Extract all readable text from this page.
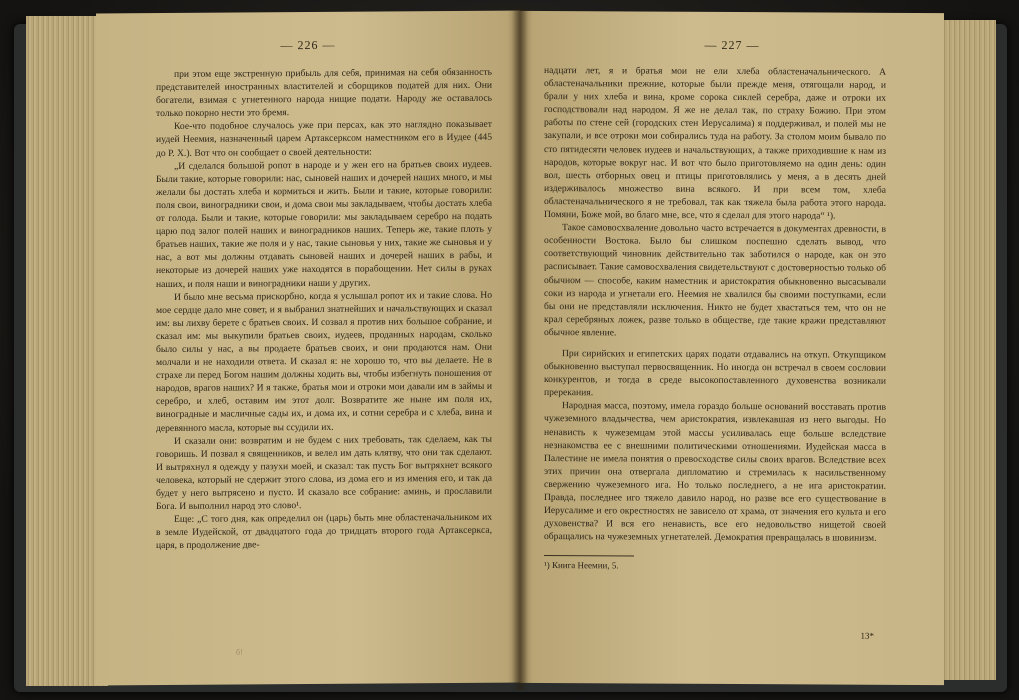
— 226 —

при этом еще экстренную прибыль для себя, принимая на себя обязанность представителей иностранных властителей и сборщиков податей для них. Они богатели, взимая с угнетенного народа нищие подати. Народу же оставалось только покорно нести это бремя.

Кое-что подобное случалось уже при персах, как это наглядно показывает иудей Неемия, назначенный царем Артаксерксом наместником его в Иудее (445 до Р. Х.). Вот что он сообщает о своей деятельности:

„И сделался большой ропот в народе и у жен его на братьев своих иудеев. Были такие, которые говорили: нас, сыновей наших и дочерей наших много, и мы желали бы достать хлеба и кормиться и жить. Были и такие, которые говорили: поля свои, виноградники свои, и дома свои мы закладываем, чтобы достать хлеба от голода. Были и такие, которые говорили: мы закладываем серебро на подать царю под залог полей наших и виноградников наших. Теперь же, такие плоть у братьев наших, такие же поля и у нас, такие сыновья у них, такие же сыновья и у нас, а вот мы должны отдавать сыновей наших и дочерей наших в рабы, и некоторые из дочерей наших уже находятся в порабощении. Нет силы в руках наших, и поля наши и виноградники наши у других.

И было мне весьма прискорбно, когда я услышал ропот их и такие слова. Но мое сердце дало мне совет, и я выбранил знатнейших и начальствующих и сказал им: вы лихву берете с братьев своих. И созвал я против них большое собрание, и сказал им: мы выкупили братьев своих, иудеев, проданных народам, сколько было силы у нас, а вы продаете братьев своих, и они продаются нам. Они молчали и не находили ответа. И сказал я: не хорошо то, что вы делаете. Не в страхе ли перед Богом нашим должны ходить вы, чтобы избегнуть поношения от народов, врагов наших? И я также, братья мои и отроки мои давали им в займы и серебро, и хлеб, оставим им этот долг. Возвратите же ныне им поля их, виноградные и масличные сады их, и дома их, и сотни серебра и с хлеба, вина и деревянного масла, которые вы ссудили их.

И сказали они: возвратим и не будем с них требовать, так сделаем, как ты говоришь. И позвал я священников, и велел им дать клятву, что они так сделают. И вытряхнул я одежду у пазухи моей, и сказал: так пусть Бог вытряхнет всякого человека, который не сдержит этого слова, из дома его и из имения его, и так да будет у него вытрясено и пусто. И сказало все собрание: аминь, и прославили Бога. И выполнил народ это слово¹.

Еще: „С того дня, как определил он (царь) быть мне областеначальником их в земле Иудейской, от двадцатого года до тридцать второго года Артаксеркса, царя, в продолжение две-

б!
— 227 —

надцати лет, я и братья мои не ели хлеба областеначальнического. А областеначальники прежние, которые были прежде меня, отягощали народ, и брали у них хлеба и вина, кроме сорока сиклей серебра, даже и отроки их господствовали над народом. Я же не делал так, по страху Божию. При этом работы по стене сей (городских стен Иерусалима) я поддерживал, и полей мы не закупали, и все отроки мои собирались туда на работу. За столом моим бывало по сто пятидесяти человек иудеев и начальствующих, а также приходившие к нам из народов, которые вокруг нас. И вот что было приготовляемо на один день: один вол, шесть отборных овец и птицы приготовлялись у меня, а в десять дней издерживалось множество вина всякого. И при всем том, хлеба областеначальнического я не требовал, так как тяжела была работа этого народа. Помяни, Боже мой, во благо мне, все, что я сделал для этого народа“ ¹).

Такое самовосхваление довольно часто встречается в документах древности, в особенности Востока. Было бы слишком поспешно сделать вывод, что соответствующий чиновник действительно так заботился о народе, как он это расписывает. Такие самовосхваления свидетельствуют с достоверностью только об обычном — способе, каким наместник и аристократия обыкновенно высасывали соки из народа и угнетали его. Неемия не хвалился бы своими поступками, если бы они не представляли исключения. Никто не будет хвастаться тем, что он не крал серебряных ложек, разве только в обществе, где такие кражи представляют обычное явление.

При сирийских и египетских царях подати отдавались на откуп. Откупщиком обыкновенно выступал первосвященник. Но иногда он встречал в своем сословии конкурентов, и тогда в среде высокопоставленного духовенства возникали пререкания.

Народная масса, поэтому, имела гораздо больше оснований восставать против чужеземного владычества, чем аристократия, извлекавшая из него выгоды. Но ненависть к чужеземцам этой массы усиливалась еще больше вследствие незнакомства ее с внешними политическими отношениями. Иудейская масса в Палестине не имела понятия о превосходстве силы своих врагов. Вследствие всех этих причин она отвергала дипломатию и стремилась к насильственному свержению чужеземного ига. Но только последнего, а не ига аристократии. Правда, последнее иго тяжело давило народ, но разве все его существование в Иерусалиме и его окрестностях не зависело от храма, от значения его культа и его духовенства? И вся его ненависть, все его недовольство нищетой своей обращались на чужеземных угнетателей. Демократия превращалась в шовинизм.

¹) Книга Неемии, 5.
13*
